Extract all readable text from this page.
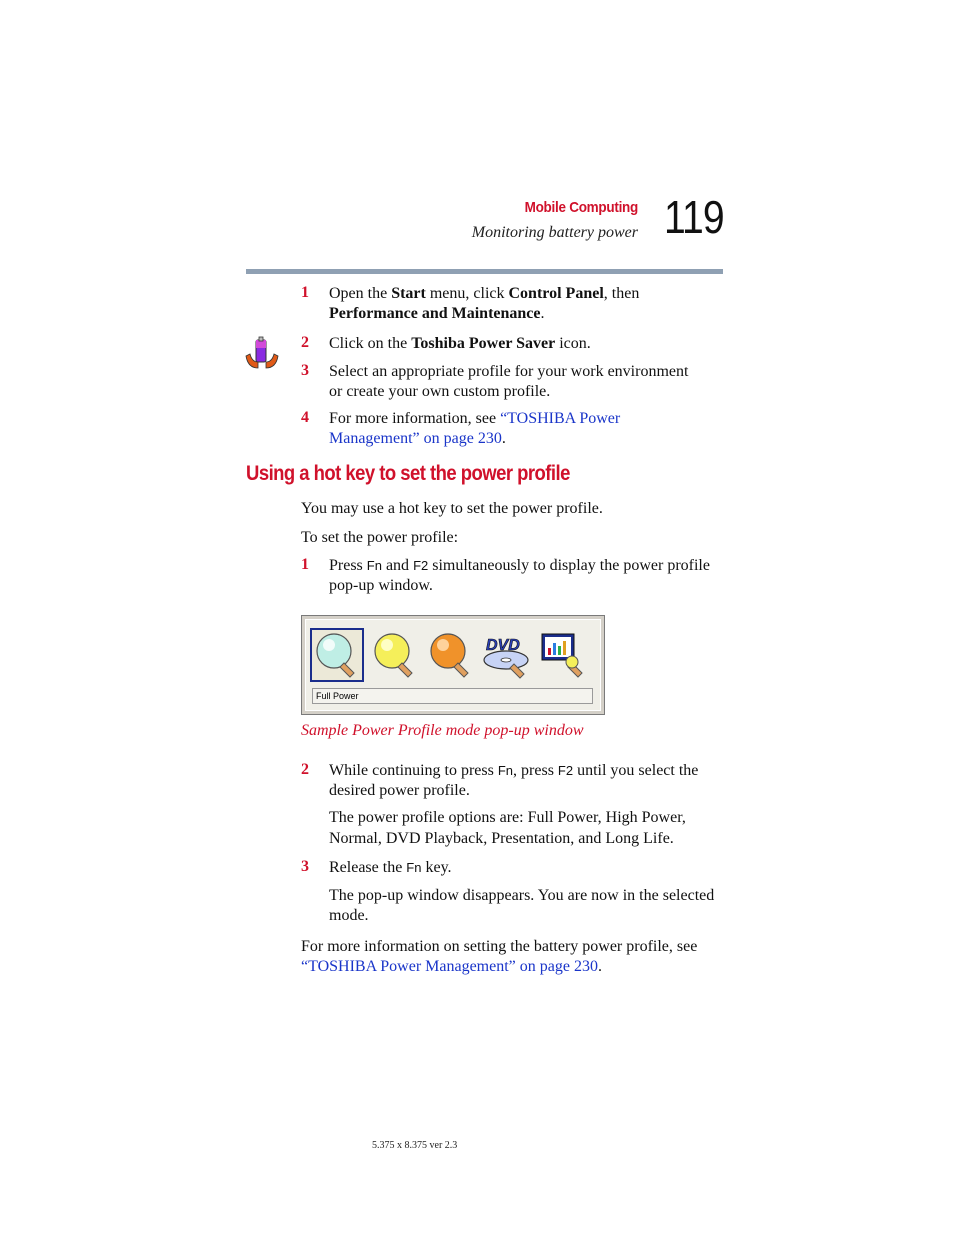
Mobile Computing
Monitoring battery power 119
1	Open the Start menu, click Control Panel, then
Performance and Maintenance.
2	Click on the Toshiba Power Saver icon.
3	Select an appropriate profile for your work environment
or create your own custom profile.
4	For more information, see “TOSHIBA Power
Management” on page 230.
Using a hot key to set the power profile
You may use a hot key to set the power profile.
To set the power profile:
1	Press Fn and F2 simultaneously to display the power profile
pop-up window.
DVD
Full Power
Sample Power Profile mode pop-up window
2	While continuing to press Fn, press F2 until you select the
desired power profile.
The power profile options are: Full Power, High Power,
Normal, DVD Playback, Presentation, and Long Life.
3	Release the Fn key.
The pop-up window disappears. You are now in the selected
mode.
For more information on setting the battery power profile, see
“TOSHIBA Power Management” on page 230.
5.375 x 8.375 ver 2.3
